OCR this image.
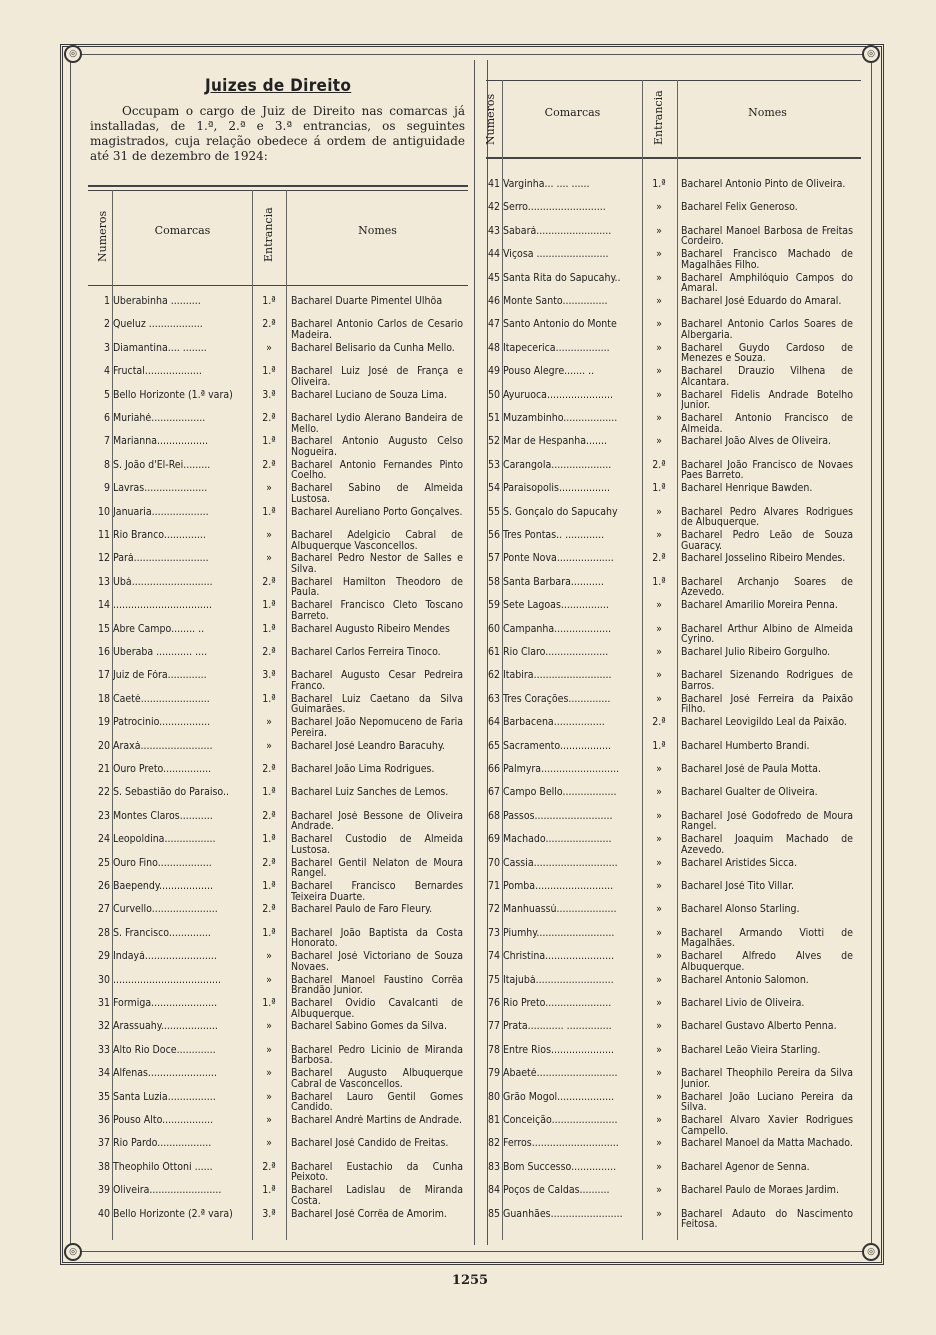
◎	◎
◎	◎
Juizes de Direito
Occupam o cargo de Juiz de Direito nas comarcas já installadas, de 1.ª, 2.ª e 3.ª entrancias, os seguintes magistrados, cuja relação obedece á ordem de antiguidade até 31 de dezembro de 1924:
Numeros	Comarcas	Entrancia	Nomes
Numeros	Comarcas	Entrancia	Nomes
1 Uberabinha ..........	1.ª	Bacharel Duarte Pimentel Ulhôa
2 Queluz ..................	2.ª	Bacharel Antonio Carlos de Cesario Madeira.
3 Diamantina.... ........	»	Bacharel Belisario da Cunha Mello.
4 Fructal...................	1.ª	Bacharel Luiz José de França e Oliveira.
5 Bello Horizonte (1.ª vara)	3.ª	Bacharel Luciano de Souza Lima.
6 Muriahé..................	2.ª	Bacharel Lydio Alerano Bandeira de Mello.
7 Marianna.................	1.ª	Bacharel Antonio Augusto Celso Nogueira.
8 S. João d'El-Rei.........	2.ª	Bacharel Antonio Fernandes Pinto Coelho.
9 Lavras.....................	»	Bacharel Sabino de Almeida Lustosa.
10 Januaria...................	1.ª	Bacharel Aureliano Porto Gonçalves.
11 Rio Branco..............	»	Bacharel Adelgicio Cabral de Albuquerque Vasconcellos.
12 Pará.........................	»	Bacharel Pedro Nestor de Salles e Silva.
13 Ubá...........................	2.ª	Bacharel Hamilton Theodoro de Paula.
14 .................................	1.ª	Bacharel Francisco Cleto Toscano Barreto.
15 Abre Campo........ ..	1.ª	Bacharel Augusto Ribeiro Mendes
16 Uberaba ............ ....	2.ª	Bacharel Carlos Ferreira Tinoco.
17 Juiz de Fóra.............	3.ª	Bacharel Augusto Cesar Pedreira Franco.
18 Caeté.......................	1.ª	Bacharel Luiz Caetano da Silva Guimarães.
19 Patrocinio.................	»	Bacharel João Nepomuceno de Faria Pereira.
20 Araxá........................	»	Bacharel José Leandro Baracuhy.
21 Ouro Preto................	2.ª	Bacharel João Lima Rodrigues.
22 S. Sebastião do Paraiso..	1.ª	Bacharel Luiz Sanches de Lemos.
23 Montes Claros...........	2.ª	Bacharel José Bessone de Oliveira Andrade.
24 Leopoldina.................	1.ª	Bacharel Custodio de Almeida Lustosa.
25 Ouro Fino..................	2.ª	Bacharel Gentil Nelaton de Moura Rangel.
26 Baependy..................	1.ª	Bacharel Francisco Bernardes Teixeira Duarte.
27 Curvello......................	2.ª	Bacharel Paulo de Faro Fleury.
28 S. Francisco..............	1.ª	Bacharel João Baptista da Costa Honorato.
29 Indayá........................	»	Bacharel José Victoriano de Souza Novaes.
30 ....................................	»	Bacharel Manoel Faustino Corrêa Brandão Junior.
31 Formiga......................	1.ª	Bacharel Ovidio Cavalcanti de Albuquerque.
32 Arassuahy...................	»	Bacharel Sabino Gomes da Silva.
33 Alto Rio Doce.............	»	Bacharel Pedro Licinio de Miranda Barbosa.
34 Alfenas.......................	»	Bacharel Augusto Albuquerque Cabral de Vasconcellos.
35 Santa Luzia................	»	Bacharel Lauro Gentil Gomes Candido.
36 Pouso Alto.................	»	Bacharel André Martins de Andrade.
37 Rio Pardo..................	»	Bacharel José Candido de Freitas.
38 Theophilo Ottoni ......	2.ª	Bacharel Eustachio da Cunha Peixoto.
39 Oliveira........................	1.ª	Bacharel Ladislau de Miranda Costa.
40 Bello Horizonte (2.ª vara)	3.ª	Bacharel José Corrêa de Amorim.
41 Varginha... .... ......	1.ª	Bacharel Antonio Pinto de Oliveira.
42 Serro..........................	»	Bacharel Felix Generoso.
43 Sabará.........................	»	Bacharel Manoel Barbosa de Freitas Cordeiro.
44 Viçosa ........................	»	Bacharel Francisco Machado de Magalhães Filho.
45 Santa Rita do Sapucahy..	»	Bacharel Amphilóquio Campos do Amaral.
46 Monte Santo...............	»	Bacharel José Eduardo do Amaral.
47 Santo Antonio do Monte	»	Bacharel Antonio Carlos Soares de Albergaria.
48 Itapecerica..................	»	Bacharel Guydo Cardoso de Menezes e Souza.
49 Pouso Alegre....... ..	»	Bacharel Drauzio Vilhena de Alcantara.
50 Ayuruoca......................	»	Bacharel Fidelis Andrade Botelho Junior.
51 Muzambinho..................	»	Bacharel Antonio Francisco de Almeida.
52 Mar de Hespanha.......	»	Bacharel João Alves de Oliveira.
53 Carangola....................	2.ª	Bacharel João Francisco de Novaes Paes Barreto.
54 Paraisopolis.................	1.ª	Bacharel Henrique Bawden.
55 S. Gonçalo do Sapucahy	»	Bacharel Pedro Alvares Rodrigues de Albuquerque.
56 Tres Pontas.. .............	»	Bacharel Pedro Leão de Souza Guaracy.
57 Ponte Nova...................	2.ª	Bacharel Josselino Ribeiro Mendes.
58 Santa Barbara...........	1.ª	Bacharel Archanjo Soares de Azevedo.
59 Sete Lagoas................	»	Bacharel Amarilio Moreira Penna.
60 Campanha...................	»	Bacharel Arthur Albino de Almeida Cyrino.
61 Rio Claro.....................	»	Bacharel Julio Ribeiro Gorgulho.
62 Itabira..........................	»	Bacharel Sizenando Rodrigues de Barros.
63 Tres Corações..............	»	Bacharel José Ferreira da Paixão Filho.
64 Barbacena.................	2.ª	Bacharel Leovigildo Leal da Paixão.
65 Sacramento.................	1.ª	Bacharel Humberto Brandi.
66 Palmyra..........................	»	Bacharel José de Paula Motta.
67 Campo Bello..................	»	Bacharel Gualter de Oliveira.
68 Passos..........................	»	Bacharel José Godofredo de Moura Rangel.
69 Machado......................	»	Bacharel Joaquim Machado de Azevedo.
70 Cassia............................	»	Bacharel Aristides Sicca.
71 Pomba..........................	»	Bacharel José Tito Villar.
72 Manhuassú....................	»	Bacharel Alonso Starling.
73 Piumhy..........................	»	Bacharel Armando Viotti de Magalhães.
74 Christina.......................	»	Bacharel Alfredo Alves de Albuquerque.
75 Itajubá..........................	»	Bacharel Antonio Salomon.
76 Rio Preto......................	»	Bacharel Livio de Oliveira.
77 Prata............ ...............	»	Bacharel Gustavo Alberto Penna.
78 Entre Rios.....................	»	Bacharel Leão Vieira Starling.
79 Abaeté...........................	»	Bacharel Theophilo Pereira da Silva Junior.
80 Grão Mogol...................	»	Bacharel João Luciano Pereira da Silva.
81 Conceição......................	»	Bacharel Alvaro Xavier Rodrigues Campello.
82 Ferros.............................	»	Bacharel Manoel da Matta Machado.
83 Bom Successo...............	»	Bacharel Agenor de Senna.
84 Poços de Caldas..........	»	Bacharel Paulo de Moraes Jardim.
85 Guanhães........................	»	Bacharel Adauto do Nascimento Feitosa.
1255
